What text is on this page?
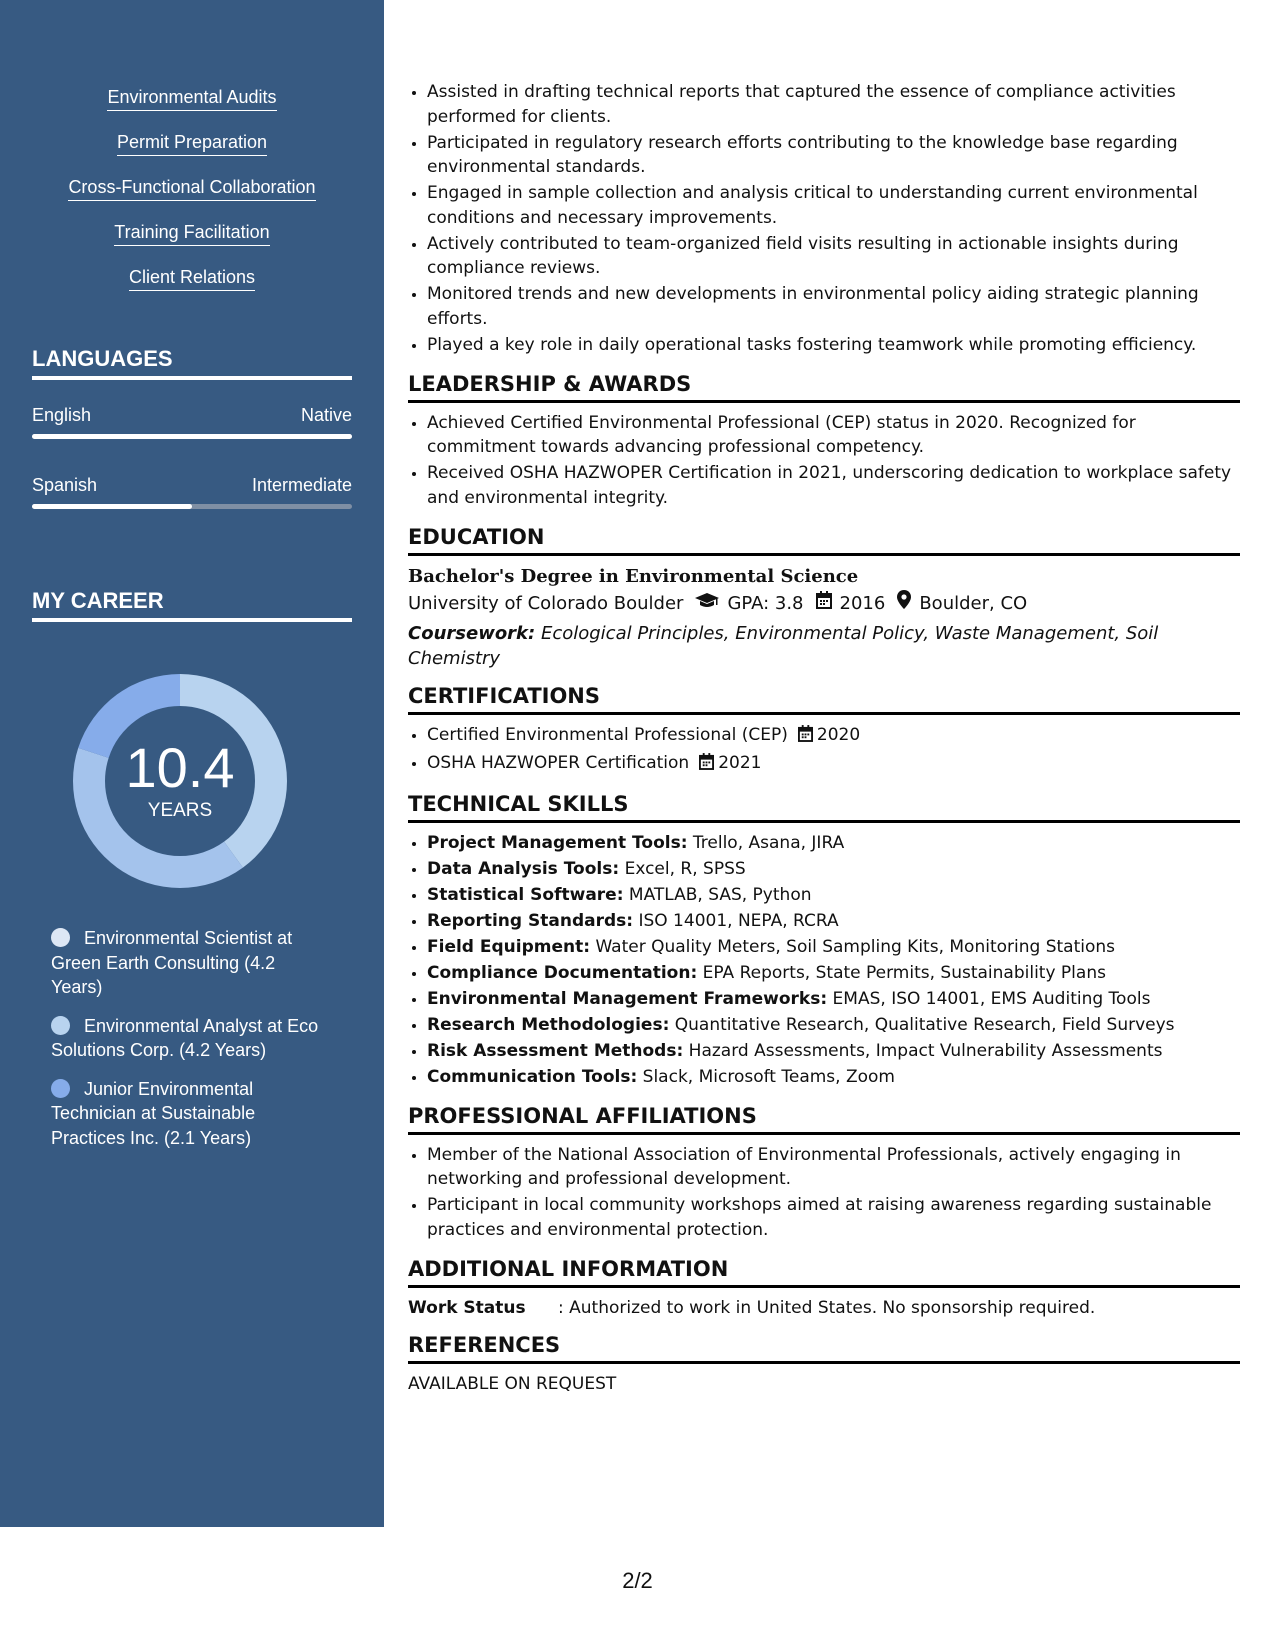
Environmental Audits
Permit Preparation
Cross-Functional Collaboration
Training Facilitation
Client Relations
LANGUAGES
English	Native
Spanish	Intermediate
MY CAREER
10.4
YEARS
Environmental Scientist at Green Earth Consulting (4.2 Years)
Environmental Analyst at Eco Solutions Corp. (4.2 Years)
Junior Environmental Technician at Sustainable Practices Inc. (2.1 Years)
• Assisted in drafting technical reports that captured the essence of compliance activities performed for clients.
• Participated in regulatory research efforts contributing to the knowledge base regarding environmental standards.
• Engaged in sample collection and analysis critical to understanding current environmental conditions and necessary improvements.
• Actively contributed to team-organized field visits resulting in actionable insights during compliance reviews.
• Monitored trends and new developments in environmental policy aiding strategic planning efforts.
• Played a key role in daily operational tasks fostering teamwork while promoting efficiency.
LEADERSHIP & AWARDS
• Achieved Certified Environmental Professional (CEP) status in 2020. Recognized for commitment towards advancing professional competency.
• Received OSHA HAZWOPER Certification in 2021, underscoring dedication to workplace safety and environmental integrity.
EDUCATION
Bachelor's Degree in Environmental Science
University of Colorado Boulder GPA: 3.8 2016 Boulder, CO
Coursework: Ecological Principles, Environmental Policy, Waste Management, Soil Chemistry
CERTIFICATIONS
• Certified Environmental Professional (CEP) 2020
• OSHA HAZWOPER Certification 2021
TECHNICAL SKILLS
• Project Management Tools: Trello, Asana, JIRA
• Data Analysis Tools: Excel, R, SPSS
• Statistical Software: MATLAB, SAS, Python
• Reporting Standards: ISO 14001, NEPA, RCRA
• Field Equipment: Water Quality Meters, Soil Sampling Kits, Monitoring Stations
• Compliance Documentation: EPA Reports, State Permits, Sustainability Plans
• Environmental Management Frameworks: EMAS, ISO 14001, EMS Auditing Tools
• Research Methodologies: Quantitative Research, Qualitative Research, Field Surveys
• Risk Assessment Methods: Hazard Assessments, Impact Vulnerability Assessments
• Communication Tools: Slack, Microsoft Teams, Zoom
PROFESSIONAL AFFILIATIONS
• Member of the National Association of Environmental Professionals, actively engaging in networking and professional development.
• Participant in local community workshops aimed at raising awareness regarding sustainable practices and environmental protection.
ADDITIONAL INFORMATION
Work Status	: Authorized to work in United States. No sponsorship required.
REFERENCES
AVAILABLE ON REQUEST
2/2
